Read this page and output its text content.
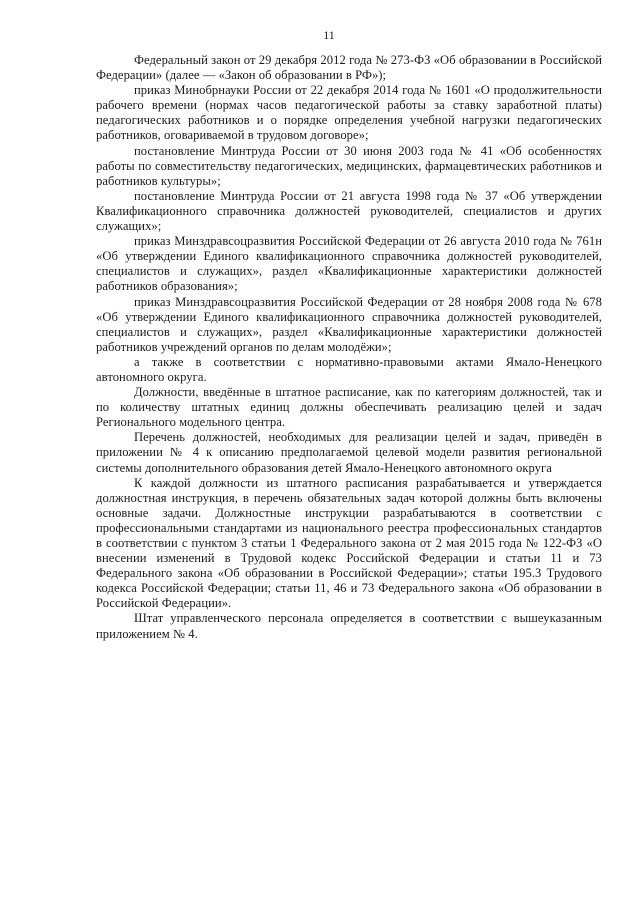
11

Федеральный закон от 29 декабря 2012 года № 273-ФЗ «Об образовании в Российской Федерации» (далее — «Закон об образовании в РФ»);

приказ Минобрнауки России от 22 декабря 2014 года № 1601 «О продолжительности рабочего времени (нормах часов педагогической работы за ставку заработной платы) педагогических работников и о порядке определения учебной нагрузки педагогических работников, оговариваемой в трудовом договоре»;

постановление Минтруда России от 30 июня 2003 года № 41 «Об особенностях работы по совместительству педагогических, медицинских, фармацевтических работников и работников культуры»;

постановление Минтруда России от 21 августа 1998 года № 37 «Об утверждении Квалификационного справочника должностей руководителей, специалистов и других служащих»;

приказ Минздравсоцразвития Российской Федерации от 26 августа 2010 года № 761н «Об утверждении Единого квалификационного справочника должностей руководителей, специалистов и служащих», раздел «Квалификационные характеристики должностей работников образования»;

приказ Минздравсоцразвития Российской Федерации от 28 ноября 2008 года № 678 «Об утверждении Единого квалификационного справочника должностей руководителей, специалистов и служащих», раздел «Квалификационные характеристики должностей работников учреждений органов по делам молодёжи»;

а также в соответствии с нормативно-правовыми актами Ямало-Ненецкого автономного округа.

Должности, введённые в штатное расписание, как по категориям должностей, так и по количеству штатных единиц должны обеспечивать реализацию целей и задач Регионального модельного центра.

Перечень должностей, необходимых для реализации целей и задач, приведён в приложении № 4 к описанию предполагаемой целевой модели развития региональной системы дополнительного образования детей Ямало-Ненецкого автономного округа

К каждой должности из штатного расписания разрабатывается и утверждается должностная инструкция, в перечень обязательных задач которой должны быть включены основные задачи. Должностные инструкции разрабатываются в соответствии с профессиональными стандартами из национального реестра профессиональных стандартов в соответствии с пунктом 3 статьи 1 Федерального закона от 2 мая 2015 года № 122-ФЗ «О внесении изменений в Трудовой кодекс Российской Федерации и статьи 11 и 73 Федерального закона «Об образовании в Российской Федерации»; статьи 195.3 Трудового кодекса Российской Федерации; статьи 11, 46 и 73 Федерального закона «Об образовании в Российской Федерации».

Штат управленческого персонала определяется в соответствии с вышеуказанным приложением № 4.
